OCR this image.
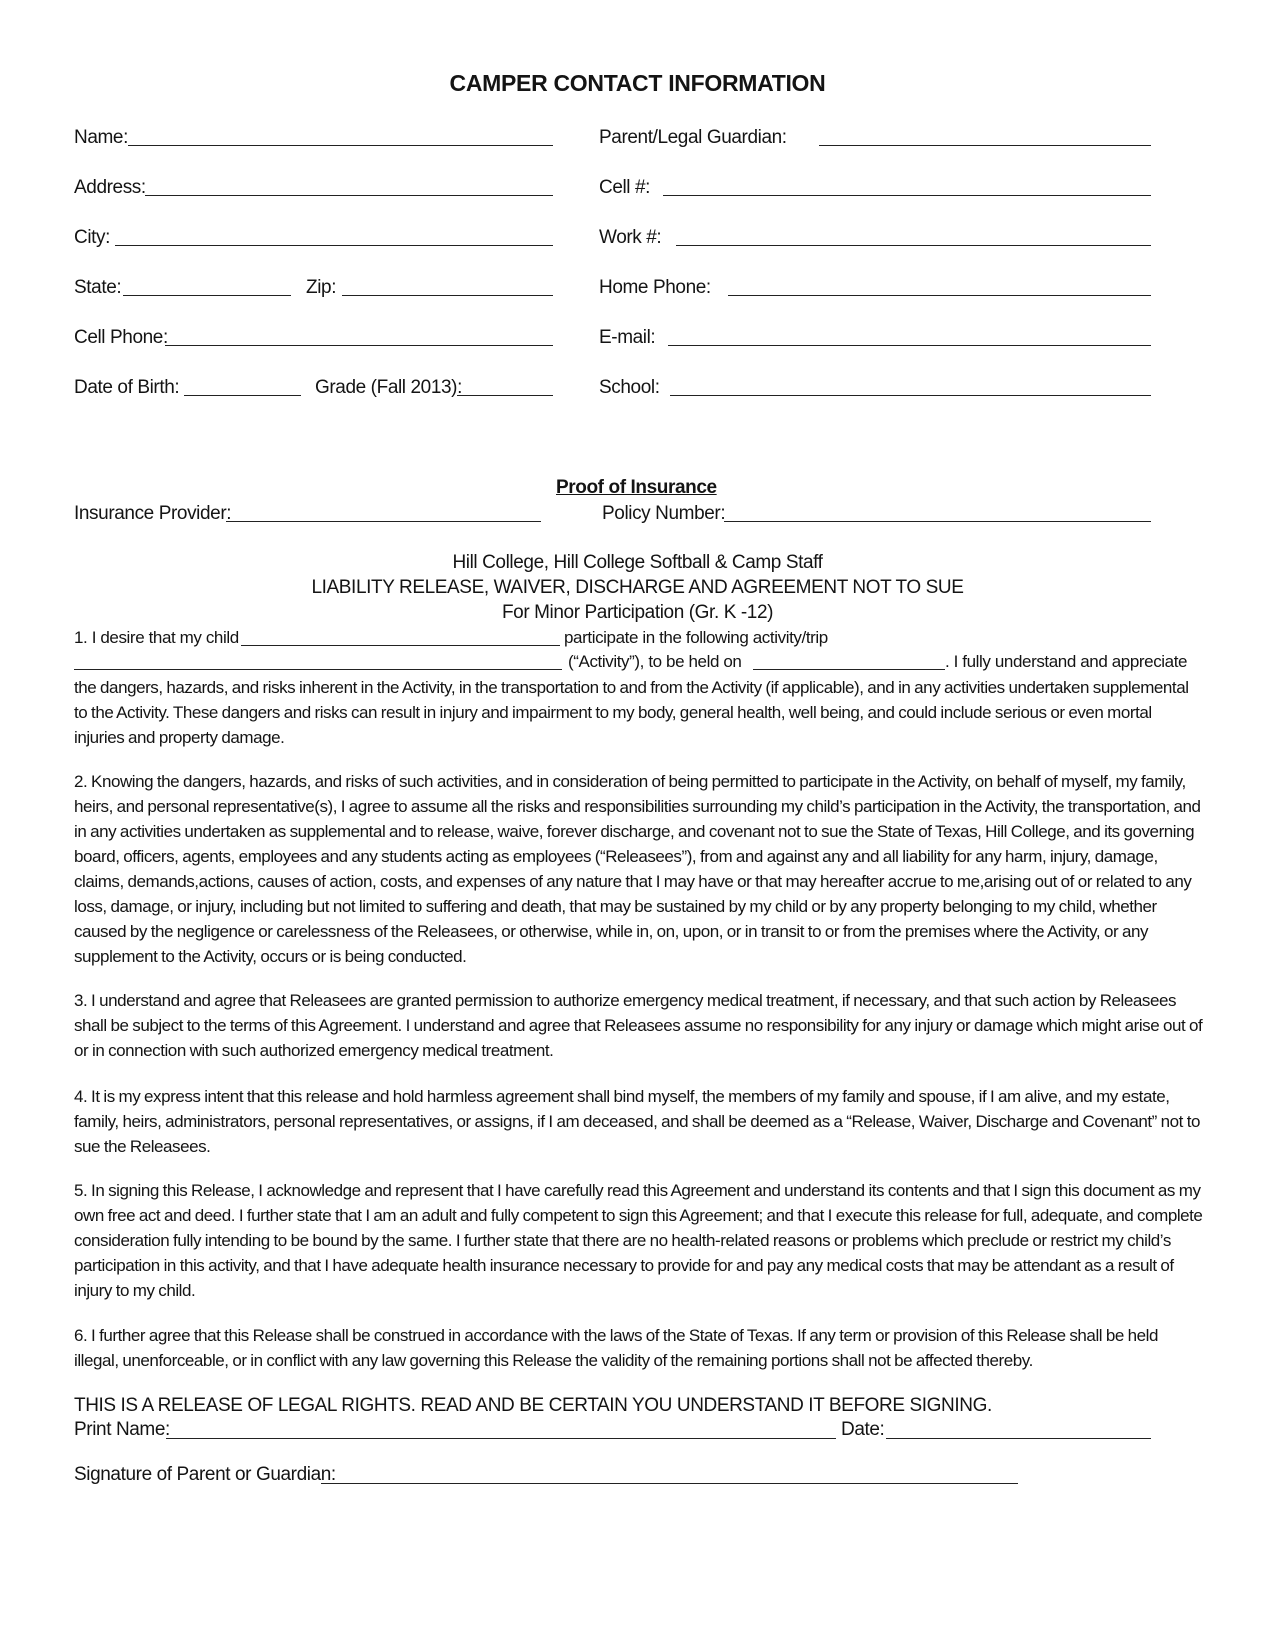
CAMPER CONTACT INFORMATION
Name:
Address:
City:
State:	Zip:
Cell Phone:
Date of Birth:	Grade (Fall 2013):
Parent/Legal Guardian:
Cell #:
Work #:
Home Phone:
E-mail:
School:
Proof of Insurance
Insurance Provider:	Policy Number:
Hill College, Hill College Softball & Camp Staff
LIABILITY RELEASE, WAIVER, DISCHARGE AND AGREEMENT NOT TO SUE
For Minor Participation (Gr. K -12)
1. I desire that my child	participate in the following activity/trip
(“Activity”), to be held on	. I fully understand and appreciate
the dangers, hazards, and risks inherent in the Activity, in the transportation to and from the Activity (if applicable), and in any activities undertaken supplemental to the Activity. These dangers and risks can result in injury and impairment to my body, general health, well being, and could include serious or even mortal injuries and property damage.
2. Knowing the dangers, hazards, and risks of such activities, and in consideration of being permitted to participate in the Activity, on behalf of myself, my family, heirs, and personal representative(s), I agree to assume all the risks and responsibilities surrounding my child’s participation in the Activity, the transportation, and in any activities undertaken as supplemental and to release, waive, forever discharge, and covenant not to sue the State of Texas, Hill College, and its governing board, officers, agents, employees and any students acting as employees (“Releasees”), from and against any and all liability for any harm, injury, damage, claims, demands,actions, causes of action, costs, and expenses of any nature that I may have or that may hereafter accrue to me,arising out of or related to any loss, damage, or injury, including but not limited to suffering and death, that may be sustained by my child or by any property belonging to my child, whether caused by the negligence or carelessness of the Releasees, or otherwise, while in, on, upon, or in transit to or from the premises where the Activity, or any supplement to the Activity, occurs or is being conducted.
3. I understand and agree that Releasees are granted permission to authorize emergency medical treatment, if necessary, and that such action by Releasees shall be subject to the terms of this Agreement. I understand and agree that Releasees assume no responsibility for any injury or damage which might arise out of or in connection with such authorized emergency medical treatment.
4. It is my express intent that this release and hold harmless agreement shall bind myself, the members of my family and spouse, if I am alive, and my estate, family, heirs, administrators, personal representatives, or assigns, if I am deceased, and shall be deemed as a “Release, Waiver, Discharge and Covenant” not to sue the Releasees.
5. In signing this Release, I acknowledge and represent that I have carefully read this Agreement and understand its contents and that I sign this document as my own free act and deed. I further state that I am an adult and fully competent to sign this Agreement; and that I execute this release for full, adequate, and complete consideration fully intending to be bound by the same. I further state that there are no health-related reasons or problems which preclude or restrict my child’s participation in this activity, and that I have adequate health insurance necessary to provide for and pay any medical costs that may be attendant as a result of injury to my child.
6. I further agree that this Release shall be construed in accordance with the laws of the State of Texas. If any term or provision of this Release shall be held illegal, unenforceable, or in conflict with any law governing this Release the validity of the remaining portions shall not be affected thereby.
THIS IS A RELEASE OF LEGAL RIGHTS. READ AND BE CERTAIN YOU UNDERSTAND IT BEFORE SIGNING.
Print Name:	Date:
Signature of Parent or Guardian:
